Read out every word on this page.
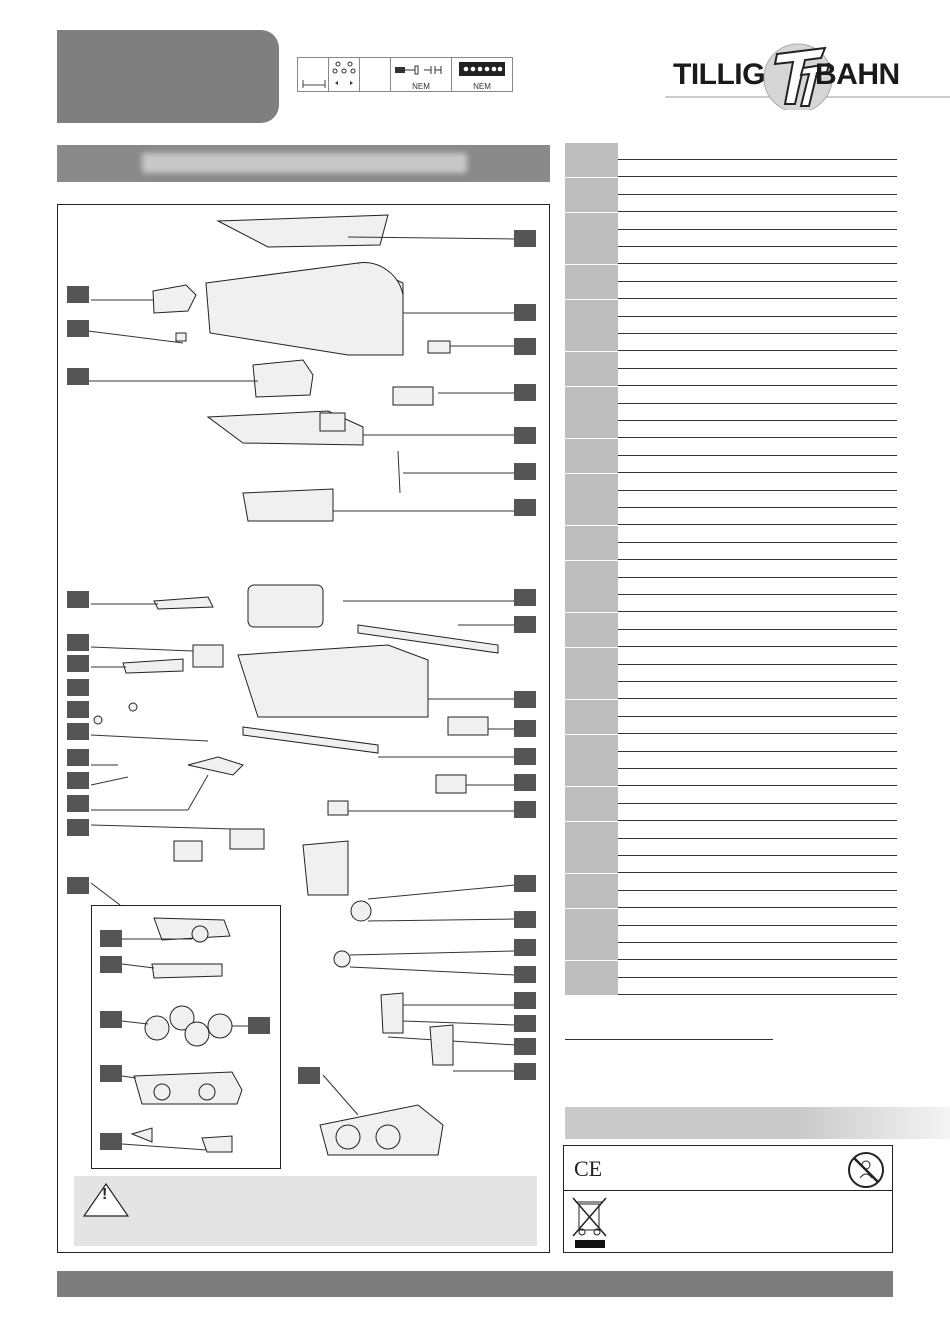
NEM	NEM	TILLIG BAHN
!
CE
